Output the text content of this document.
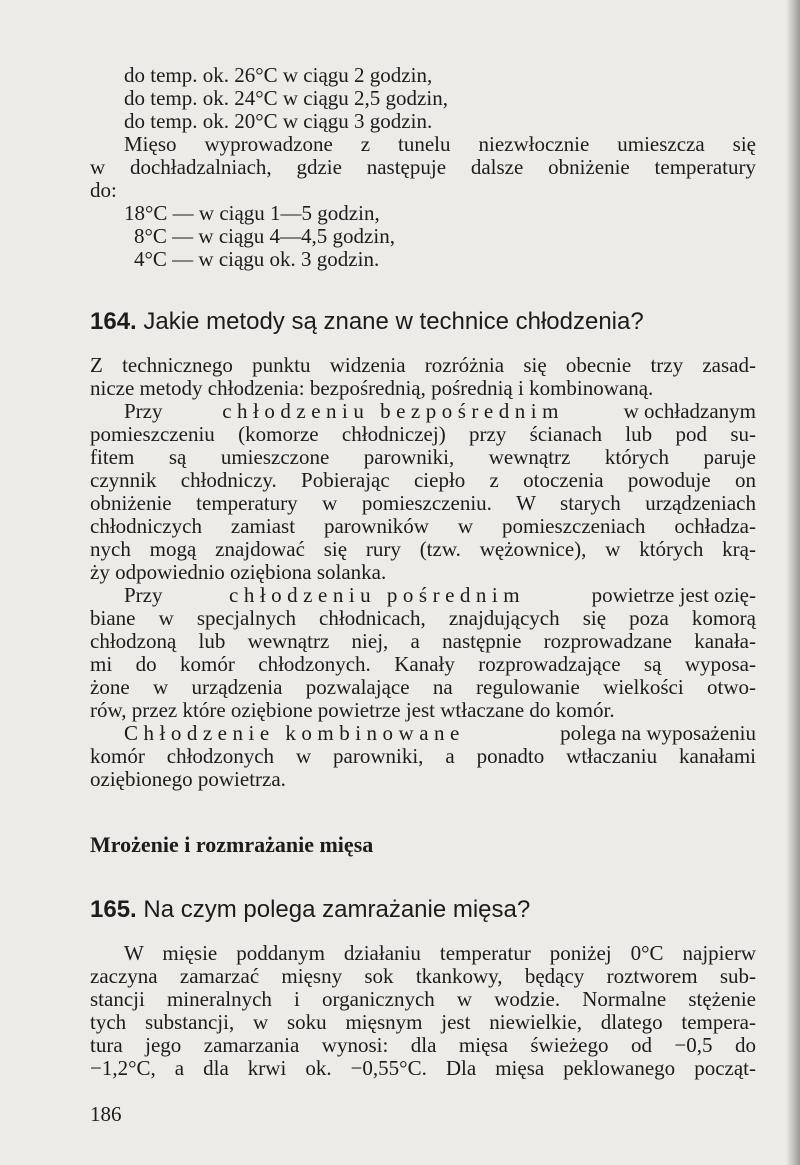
do temp. ok. 26°C w ciągu 2 godzin,
do temp. ok. 24°C w ciągu 2,5 godzin,
do temp. ok. 20°C w ciągu 3 godzin.
Mięso wyprowadzone z tunelu niezwłocznie umieszcza się
w dochładzalniach, gdzie następuje dalsze obniżenie temperatury
do:
18°C — w ciągu 1—5 godzin,
8°C — w ciągu 4—4,5 godzin,
4°C — w ciągu ok. 3 godzin.
164. Jakie metody są znane w technice chłodzenia?
Z technicznego punktu widzenia rozróżnia się obecnie trzy zasad-
nicze metody chłodzenia: bezpośrednią, pośrednią i kombinowaną.
Przy	chłodzeniu bezpośrednim	w ochładzanym
pomieszczeniu (komorze chłodniczej) przy ścianach lub pod su-
fitem są umieszczone parowniki, wewnątrz których paruje
czynnik chłodniczy. Pobierając ciepło z otoczenia powoduje on
obniżenie temperatury w pomieszczeniu. W starych urządzeniach
chłodniczych zamiast parowników w pomieszczeniach ochładza-
nych mogą znajdować się rury (tzw. wężownice), w których krą-
ży odpowiednio oziębiona solanka.
Przy	chłodzeniu pośrednim	powietrze jest ozię-
biane w specjalnych chłodnicach, znajdujących się poza komorą
chłodzoną lub wewnątrz niej, a następnie rozprowadzane kanała-
mi do komór chłodzonych. Kanały rozprowadzające są wyposa-
żone w urządzenia pozwalające na regulowanie wielkości otwo-
rów, przez które oziębione powietrze jest wtłaczane do komór.
Chłodzenie kombinowane	polega na wyposażeniu
komór chłodzonych w parowniki, a ponadto wtłaczaniu kanałami
oziębionego powietrza.
Mrożenie i rozmrażanie mięsa
165. Na czym polega zamrażanie mięsa?
W mięsie poddanym działaniu temperatur poniżej 0°C najpierw
zaczyna zamarzać mięsny sok tkankowy, będący roztworem sub-
stancji mineralnych i organicznych w wodzie. Normalne stężenie
tych substancji, w soku mięsnym jest niewielkie, dlatego tempera-
tura jego zamarzania wynosi: dla mięsa świeżego od −0,5 do
−1,2°C, a dla krwi ok. −0,55°C. Dla mięsa peklowanego począt-
186
